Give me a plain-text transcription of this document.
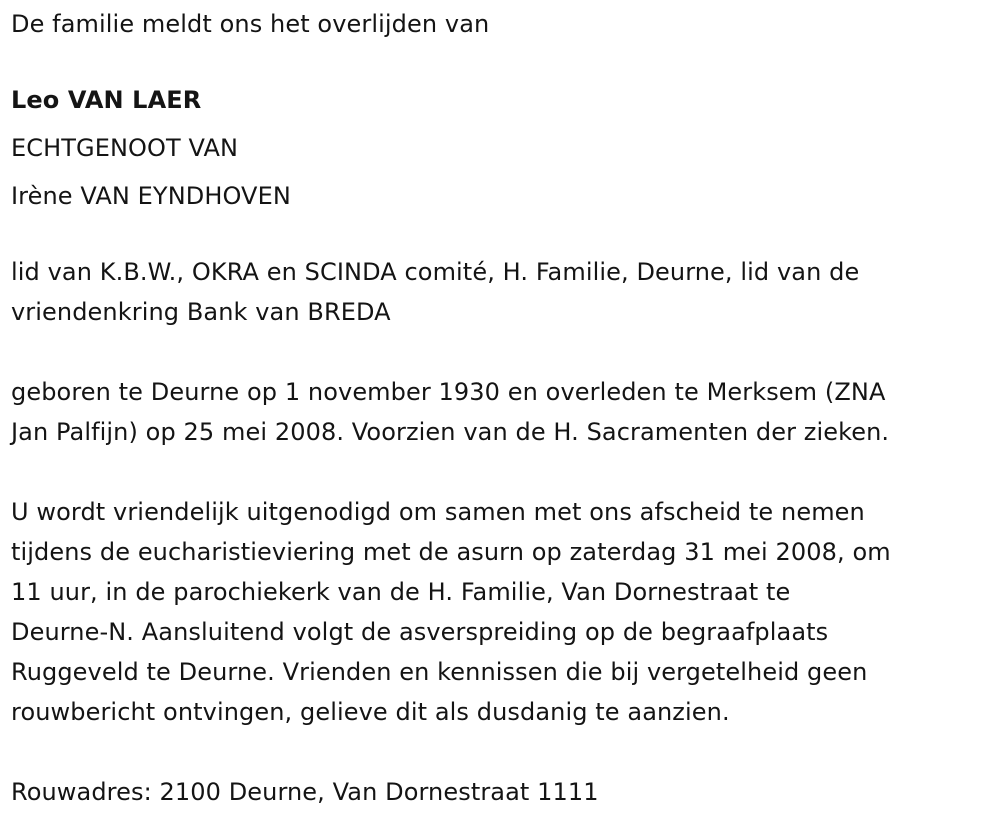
De familie meldt ons het overlijden van
Leo VAN LAER
ECHTGENOOT VAN
Irène VAN EYNDHOVEN
lid van K.B.W., OKRA en SCINDA comité, H. Familie, Deurne, lid van de
vriendenkring Bank van BREDA
geboren te Deurne op 1 november 1930 en overleden te Merksem (ZNA
Jan Palfijn) op 25 mei 2008. Voorzien van de H. Sacramenten der zieken.
U wordt vriendelijk uitgenodigd om samen met ons afscheid te nemen
tijdens de eucharistieviering met de asurn op zaterdag 31 mei 2008, om
11 uur, in de parochiekerk van de H. Familie, Van Dornestraat te
Deurne-N. Aansluitend volgt de asverspreiding op de begraafplaats
Ruggeveld te Deurne. Vrienden en kennissen die bij vergetelheid geen
rouwbericht ontvingen, gelieve dit als dusdanig te aanzien.
Rouwadres: 2100 Deurne, Van Dornestraat 1111
